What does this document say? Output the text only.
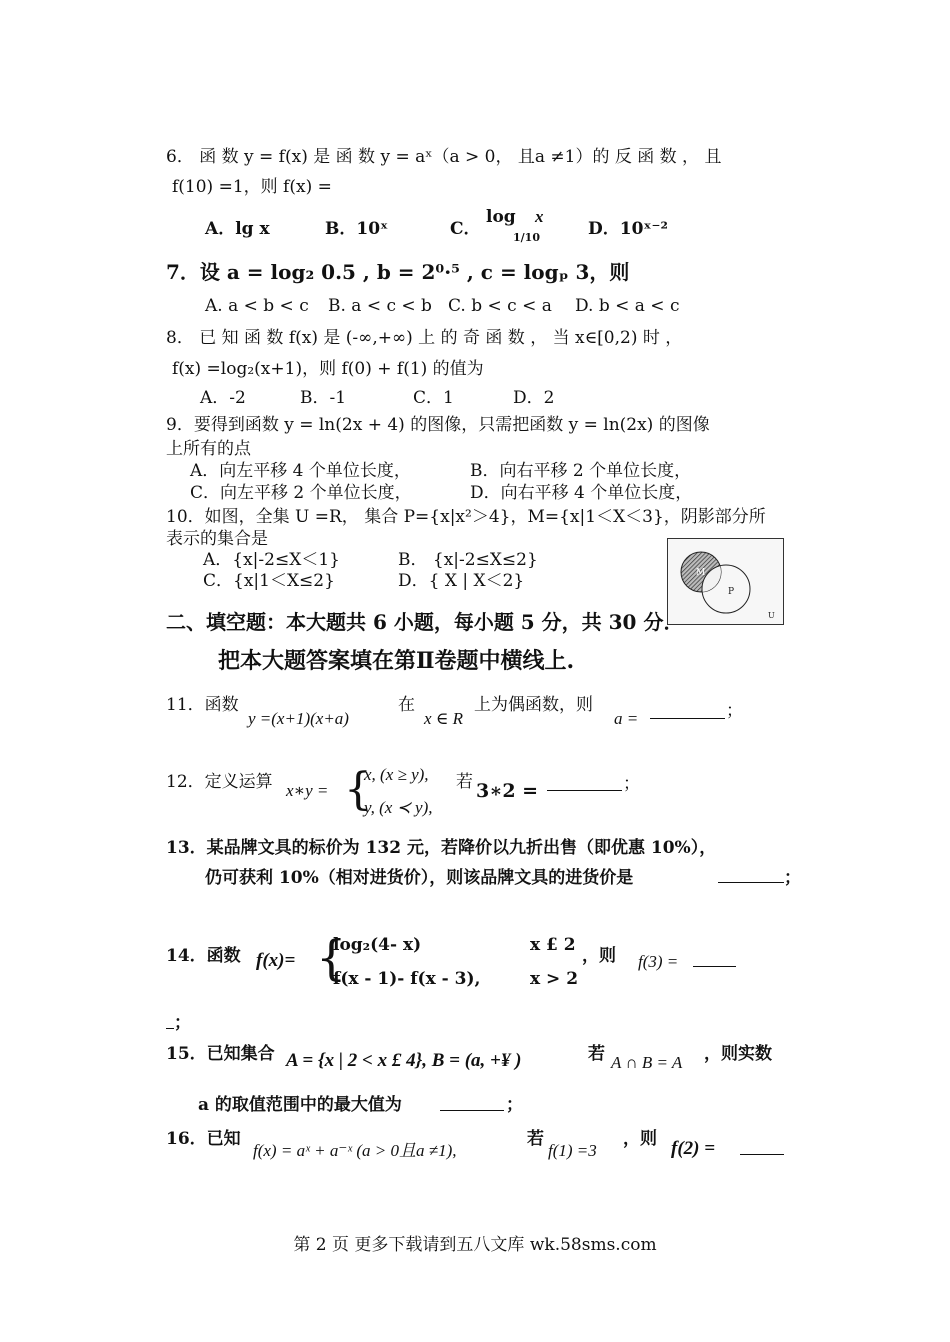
6． 函 数 y = f(x) 是 函 数 y = aˣ（a > 0， 且a ≠1）的 反 函 数 ， 且
f(10) =1，则 f(x) =
A．lg x	B．10ˣ	C．
log
1/10
x
D．10ˣ⁻²
7．设 a = log₂ 0.5 , b = 2⁰·⁵ , c = logₚ 3，则
A. a < b < c B. a < c < b C. b < c < a D. b < a < c
8． 已 知 函 数 f(x) 是 (-∞,+∞) 上 的 奇 函 数 ， 当 x∈[0,2) 时 ，
f(x) =log₂(x+1)，则 f(0) + f(1) 的值为
A．-2	B．-1	C．1	D．2
9．要得到函数 y = ln(2x + 4) 的图像，只需把函数 y = ln(2x) 的图像
上所有的点
A．向左平移 4 个单位长度，	B．向右平移 2 个单位长度，
C．向左平移 2 个单位长度，	D．向右平移 4 个单位长度，
10．如图，全集 U =R， 集合 P={x|x²＞4}，M={x|1＜X＜3}，阴影部分所
表示的集合是
A．{x|-2≤X＜1}	B． {x|-2≤X≤2}
C．{x|1＜X≤2}	D．{ X | X＜2}	M
P
U
二、填空题：本大题共 6 小题，每小题 5 分，共 30 分．
把本大题答案填在第Ⅱ卷题中横线上.
11．函数
y =(x+1)(x+a)
在
x ∈ R
上为偶函数，则
a =	；
12．定义运算 x∗y = {
x, (x ≥ y),
y, (x ≺ y),
若 3∗2 =	；
13．某品牌文具的标价为 132 元，若降价以九折出售（即优惠 10%），
仍可获利 10%（相对进货价），则该品牌文具的进货价是	；
14．函数 f(x)= {
log₂(4- x)	x £ 2
f(x - 1)- f(x - 3),	x > 2
，则 f(3) =
；
15．已知集合 A = {x | 2 < x £ 4}, B = (a, +¥ )	若 A ∩ B = A ，则实数
a 的取值范围中的最大值为	；
16．已知
f(x) = aˣ + a⁻ˣ (a > 0且a ≠1),
若
f(1) =3
，则 f(2) =
第 2 页 更多下载请到五八文库 wk.58sms.com
